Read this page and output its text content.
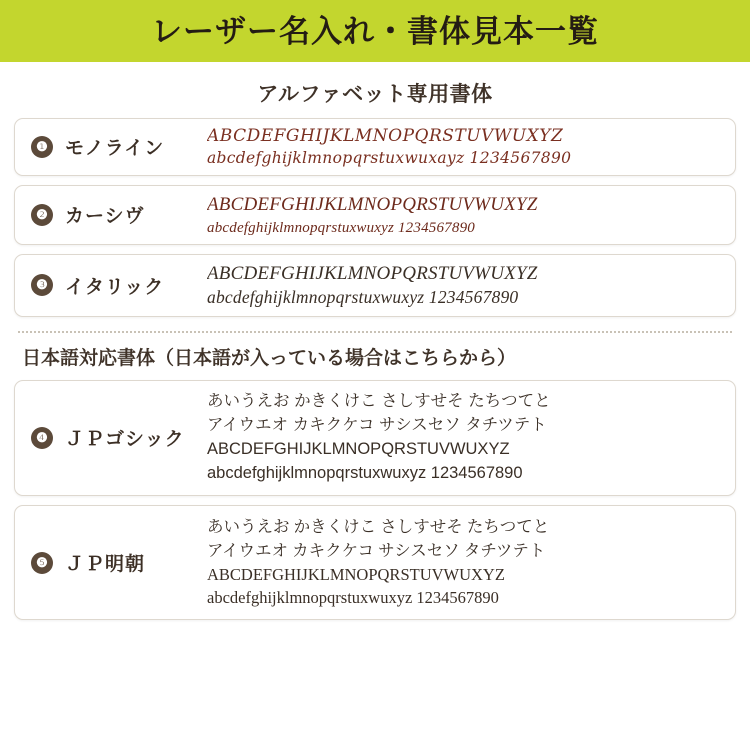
レーザー名入れ・書体見本一覧
アルファベット専用書体
❶ モノライン
ABCDEFGHIJKLMNOPQRSTUVWUXYZ
abcdefghijklmnopqrstuxwuxayz 1234567890
❷ カーシヴ
ABCDEFGHIJKLMNOPQRSTUVWUXYZ
abcdefghijklmnopqrstuxwuxyz 1234567890
❸ イタリック
ABCDEFGHIJKLMNOPQRSTUVWUXYZ
abcdefghijklmnopqrstuxwuxyz 1234567890
日本語対応書体（日本語が入っている場合はこちらから）
❹ ＪＰゴシック
あいうえお かきくけこ さしすせそ たちつてと
アイウエオ カキクケコ サシスセソ タチツテト
ABCDEFGHIJKLMNOPQRSTUVWUXYZ
abcdefghijklmnopqrstuxwuxyz 1234567890
❺ ＪＰ明朝
あいうえお かきくけこ さしすせそ たちつてと
アイウエオ カキクケコ サシスセソ タチツテト
ABCDEFGHIJKLMNOPQRSTUVWUXYZ
abcdefghijklmnopqrstuxwuxyz 1234567890
